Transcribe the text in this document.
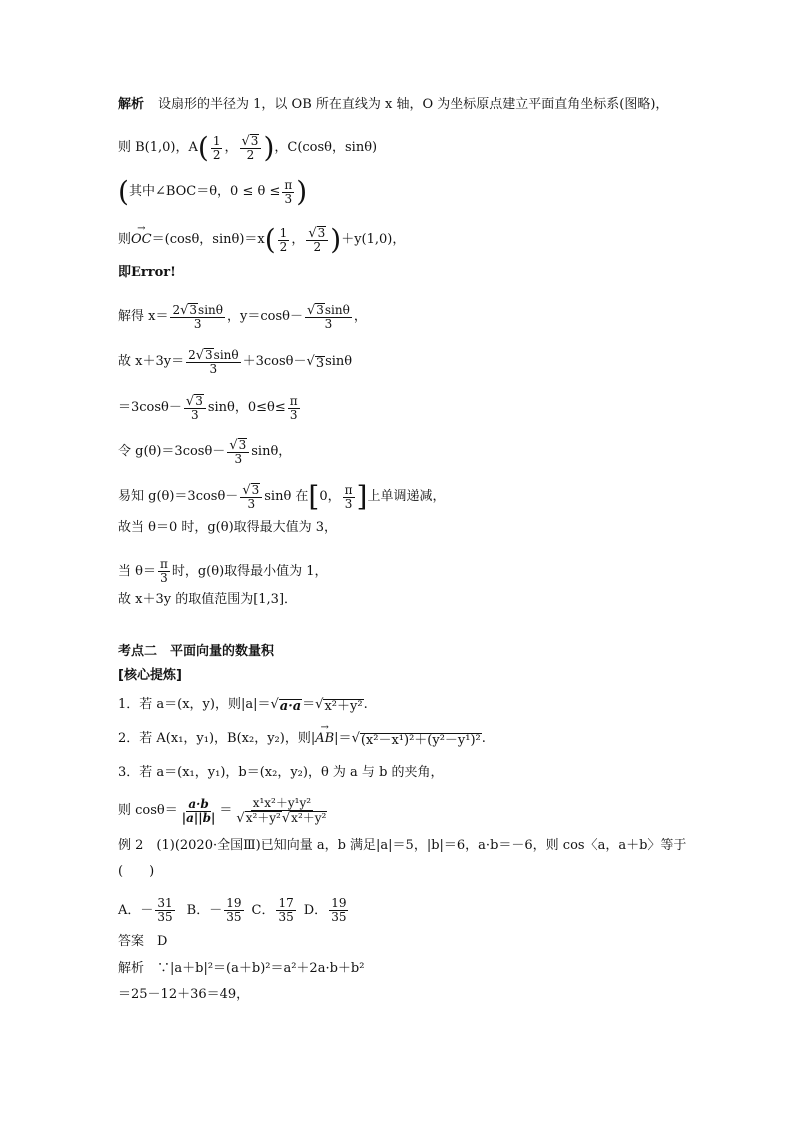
解析 设扇形的半径为 1，以 OB 所在直线为 x 轴，O 为坐标原点建立平面直角坐标系(图略)，
则 B(1,0)，A ( $\frac{1}{2}$ ， $\frac{√ 3}{2}$ ) ，C(cosθ，sinθ)
( 其中∠BOC＝θ，$0 \le \theta \le \frac{\pi}{3}$ )
则 → OC ＝(cosθ，sinθ)＝x ( $\frac{1}{2}$ ， $\frac{√ 3}{2}$ ) ＋y(1,0)，
即Error!
解得 $x= \frac{2 √ 3 \sin\theta}{3}$ ，$y=\cos\theta- \frac{√ 3 \sin\theta}{3}$ ，
故 $x+3y= \frac{2 √ 3 \sin\theta}{3} +3\cos\theta-$ √ 3 sinθ
$=3\cos\theta- \frac{√ 3}{3}$ sinθ，$0\le\theta\le \frac{\pi}{3}$
令 $g(\theta)=3\cos\theta- \frac{√ 3}{3}$ sinθ，
易知 $g(\theta)=3\cos\theta- \frac{√ 3}{3}$ sinθ 在 [ 0， $\frac{\pi}{3}$ ] 上单调递减，
故当 θ＝0 时，g(θ)取得最大值为 3，
当 $\theta= \frac{\pi}{3}$ 时，g(θ)取得最小值为 1，
故 x＋3y 的取值范围为[1,3]．
考点二　平面向量的数量积
[核心提炼]
1．若 a＝(x，y)，则|a|＝ √ a·a ＝ √ x²＋y² .
2．若 A(x₁，y₁)，B(x₂，y₂)，则| → AB |＝ √ (x²－x¹)²＋(y²－y¹)² .
3．若 a＝(x₁，y₁)，b＝(x₂，y₂)，θ 为 a 与 b 的夹角，
则 $\cos\theta= \frac{a\cdot b}{|a||b|} = \frac{\text{x¹x²＋y¹y²}}{\text{√ x²＋y² √ x²＋y²}}$
例 2　(1)(2020·全国Ⅲ)已知向量 a，b 满足|a|＝5，|b|＝6，a·b＝－6，则 cos〈a，a＋b〉等于
(　　)
A．－ $\frac{31}{35}$ B．－ $\frac{19}{35}$ C． $\frac{17}{35}$ D． $\frac{19}{35}$
答案　D
解析　∵|a＋b|²＝(a＋b)²＝a²＋2a·b＋b²
＝25－12＋36＝49，
